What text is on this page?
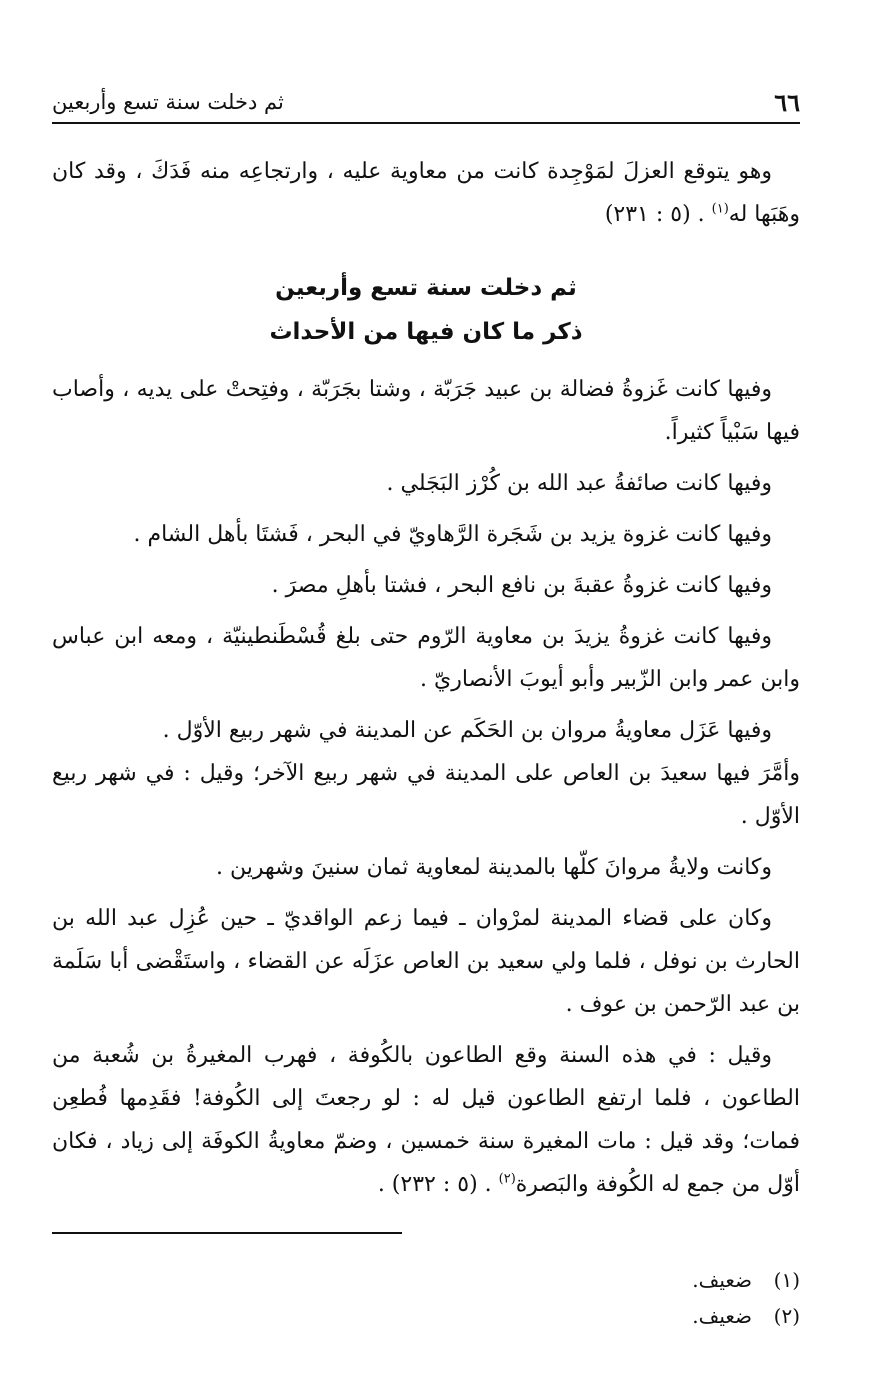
٦٦
ثم دخلت سنة تسع وأربعين

وهو يتوقع العزلَ لمَوْجِدة كانت من معاوية عليه ، وارتجاعِه منه فَدَكَ ، وقد كان وهَبَها له$^{(١)}$ . (٥ : ٢٣١)

ثم دخلت سنة تسع وأربعين
ذكر ما كان فيها من الأحداث

وفيها كانت غَزوةُ فضالة بن عبيد جَرَبّة ، وشتا بجَرَبّة ، وفتِحتْ على يديه ، وأصاب فيها سَبْياً كثيراً.

وفيها كانت صائفةُ عبد الله بن كُرْز البَجَلي .

وفيها كانت غزوة يزيد بن شَجَرة الرَّهاويّ في البحر ، فَشتَا بأهل الشام .

وفيها كانت غزوةُ عقبةَ بن نافع البحر ، فشتا بأهلِ مصرَ .

وفيها كانت غزوةُ يزيدَ بن معاوية الرّوم حتى بلغ قُسْطَنطينيّة ، ومعه ابن عباس وابن عمر وابن الزّبير وأبو أيوبَ الأنصاريّ .

وفيها عَزَل معاويةُ مروان بن الحَكَم عن المدينة في شهر ربيع الأوّل .

وأمَّرَ فيها سعيدَ بن العاص على المدينة في شهر ربيع الآخر؛ وقيل : في شهر ربيع الأوّل .

وكانت ولايةُ مروانَ كلّها بالمدينة لمعاوية ثمان سنينَ وشهرين .

وكان على قضاء المدينة لمرْوان ـ فيما زعم الواقديّ ـ حين عُزِل عبد الله بن الحارث بن نوفل ، فلما ولي سعيد بن العاص عزَلَه عن القضاء ، واستَقْضى أبا سَلَمة بن عبد الرّحمن بن عوف .

وقيل : في هذه السنة وقع الطاعون بالكُوفة ، فهرب المغيرةُ بن شُعبة من الطاعون ، فلما ارتفع الطاعون قيل له : لو رجعتَ إلى الكُوفة! فقَدِمها فُطعِن فمات؛ وقد قيل : مات المغيرة سنة خمسين ، وضمّ معاويةُ الكوفَة إلى زياد ، فكان أوّل من جمع له الكُوفة والبَصرة$^{(٢)}$ . (٥ : ٢٣٢) .

(١)
ضعيف.
(٢)
ضعيف.
